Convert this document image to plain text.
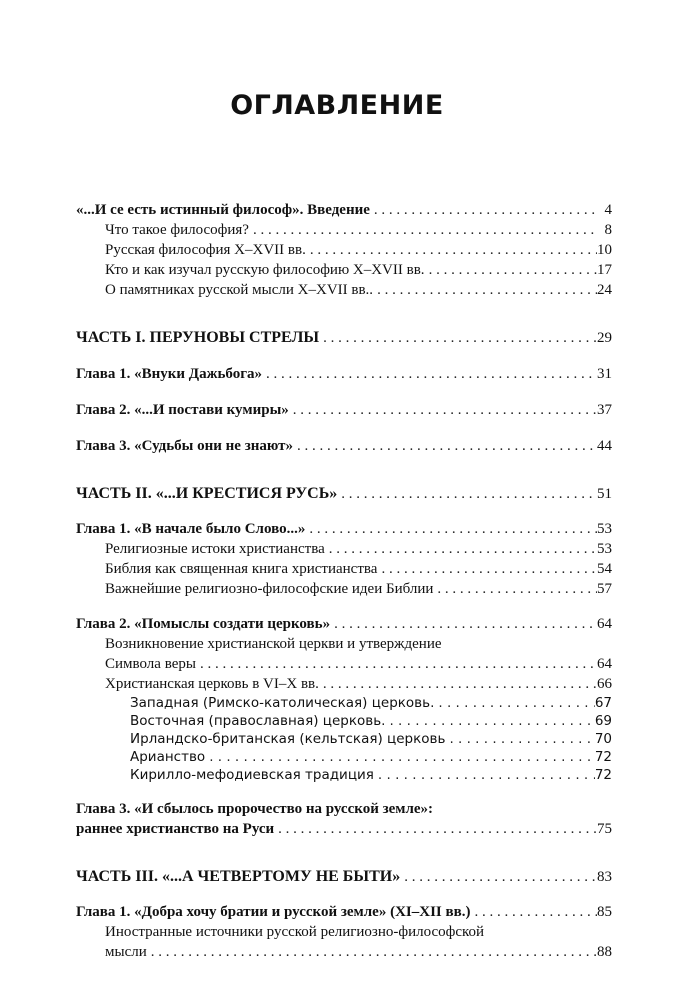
ОГЛАВЛЕНИЕ
«...И се есть истинный философ». Введение . . .	4
Что такое философия? . . .	8
Русская философия X–XVII вв. . . .	10
Кто и как изучал русскую философию X–XVII вв. . . .	17
О памятниках русской мысли X–XVII вв.. . . .	24
ЧАСТЬ I. ПЕРУНОВЫ СТРЕЛЫ . . .	29
Глава 1. «Внуки Дажьбога» . . .	31
Глава 2. «...И постави кумиры» . . .	37
Глава 3. «Судьбы они не знают» . . .	44
ЧАСТЬ II. «...И КРЕСТИСЯ РУСЬ» . . .	51
Глава 1. «В начале было Слово...» . . .	53
Религиозные истоки христианства . . .	53
Библия как священная книга христианства . . .	54
Важнейшие религиозно-философские идеи Библии . . .	57
Глава 2. «Помыслы создати церковь» . . .	64
Возникновение христианской церкви и утверждение
Символа веры . . .	64
Христианская церковь в VI–X вв. . . .	66
Западная (Римско-католическая) церковь. . . .	67
Восточная (православная) церковь. . . .	69
Ирландско-британская (кельтская) церковь . . .	70
Арианство . . .	72
Кирилло-мефодиевская традиция . . .	72
Глава 3. «И сбылось пророчество на русской земле»:
раннее христианство на Руси . . .	75
ЧАСТЬ III. «...А ЧЕТВЕРТОМУ НЕ БЫТИ» . . .	83
Глава 1. «Добра хочу братии и русской земле» (XI–XII вв.) . . .	85
Иностранные источники русской религиозно-философской
мысли . . .	88
